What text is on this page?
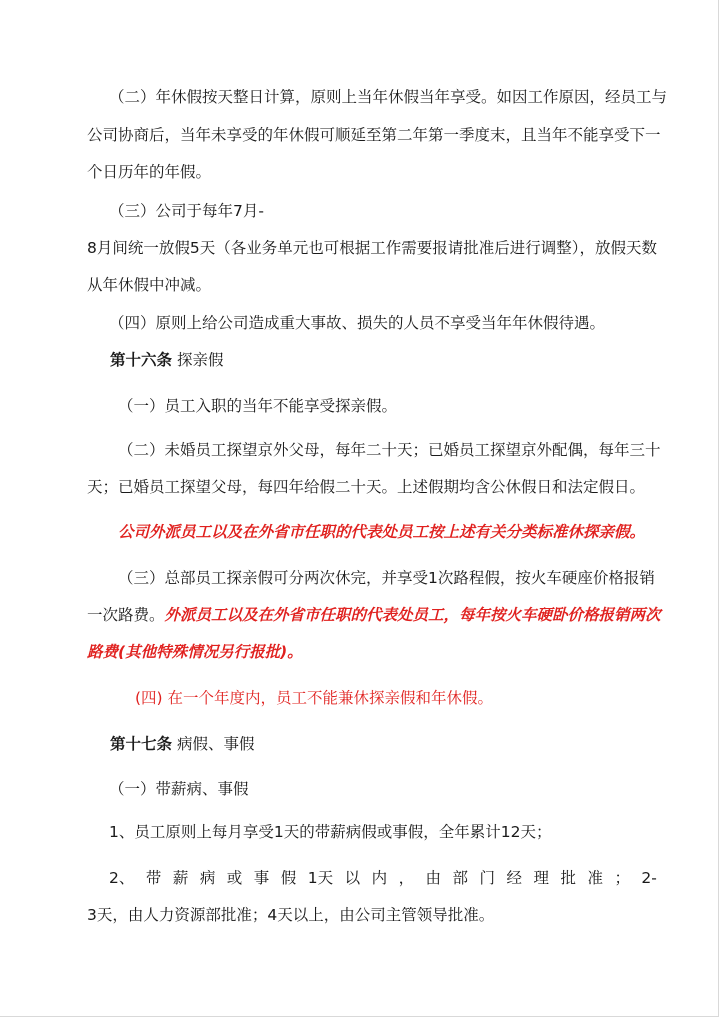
（二）年休假按天整日计算，原则上当年休假当年享受。如因工作原因，经员工与
公司协商后，当年未享受的年休假可顺延至第二年第一季度末，且当年不能享受下一
个日历年的年假。
（三）公司于每年7月-
8月间统一放假5天（各业务单元也可根据工作需要报请批准后进行调整），放假天数
从年休假中冲减。
（四）原则上给公司造成重大事故、损失的人员不享受当年年休假待遇。
第十六条 探亲假
（一）员工入职的当年不能享受探亲假。
（二）未婚员工探望京外父母，每年二十天；已婚员工探望京外配偶，每年三十
天；已婚员工探望父母，每四年给假二十天。上述假期均含公休假日和法定假日。
公司外派员工以及在外省市任职的代表处员工按上述有关分类标准休探亲假。
（三）总部员工探亲假可分两次休完，并享受1次路程假，按火车硬座价格报销
一次路费。外派员工以及在外省市任职的代表处员工，每年按火车硬卧价格报销两次
路费(其他特殊情况另行报批)。
(四) 在一个年度内，员工不能兼休探亲假和年休假。
第十七条 病假、事假
（一）带薪病、事假
1、员工原则上每月享受1天的带薪病假或事假，全年累计12天；
2、 带 薪 病 或 事 假 1天 以 内 ， 由 部 门 经 理 批 准 ； 2-
3天，由人力资源部批准；4天以上，由公司主管领导批准。
